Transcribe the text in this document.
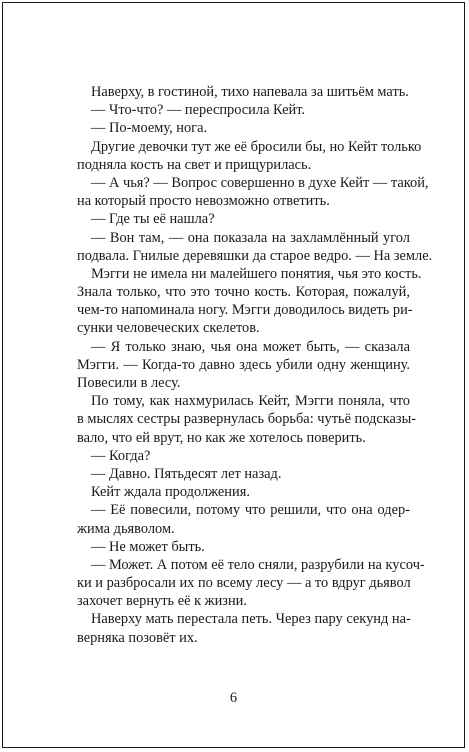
Наверху, в гостиной, тихо напевала за шитьём мать.
— Что-что? — переспросила Кейт.
— По-моему, нога.
Другие девочки тут же её бросили бы, но Кейт только
подняла кость на свет и прищурилась.
— А чья? — Вопрос совершенно в духе Кейт — такой,
на который просто невозможно ответить.
— Где ты её нашла?
— Вон там, — она показала на захламлённый угол
подвала. Гнилые деревяшки да старое ведро. — На земле.
Мэгги не имела ни малейшего понятия, чья это кость.
Знала только, что это точно кость. Которая, пожалуй,
чем-то напоминала ногу. Мэгги доводилось видеть ри-
сунки человеческих скелетов.
— Я только знаю, чья она может быть, — сказала
Мэгги. — Когда-то давно здесь убили одну женщину.
Повесили в лесу.
По тому, как нахмурилась Кейт, Мэгги поняла, что
в мыслях сестры развернулась борьба: чутьё подсказы-
вало, что ей врут, но как же хотелось поверить.
— Когда?
— Давно. Пятьдесят лет назад.
Кейт ждала продолжения.
— Её повесили, потому что решили, что она одер-
жима дьяволом.
— Не может быть.
— Может. А потом её тело сняли, разрубили на кусоч-
ки и разбросали их по всему лесу — а то вдруг дьявол
захочет вернуть её к жизни.
Наверху мать перестала петь. Через пару секунд на-
верняка позовёт их.
6
